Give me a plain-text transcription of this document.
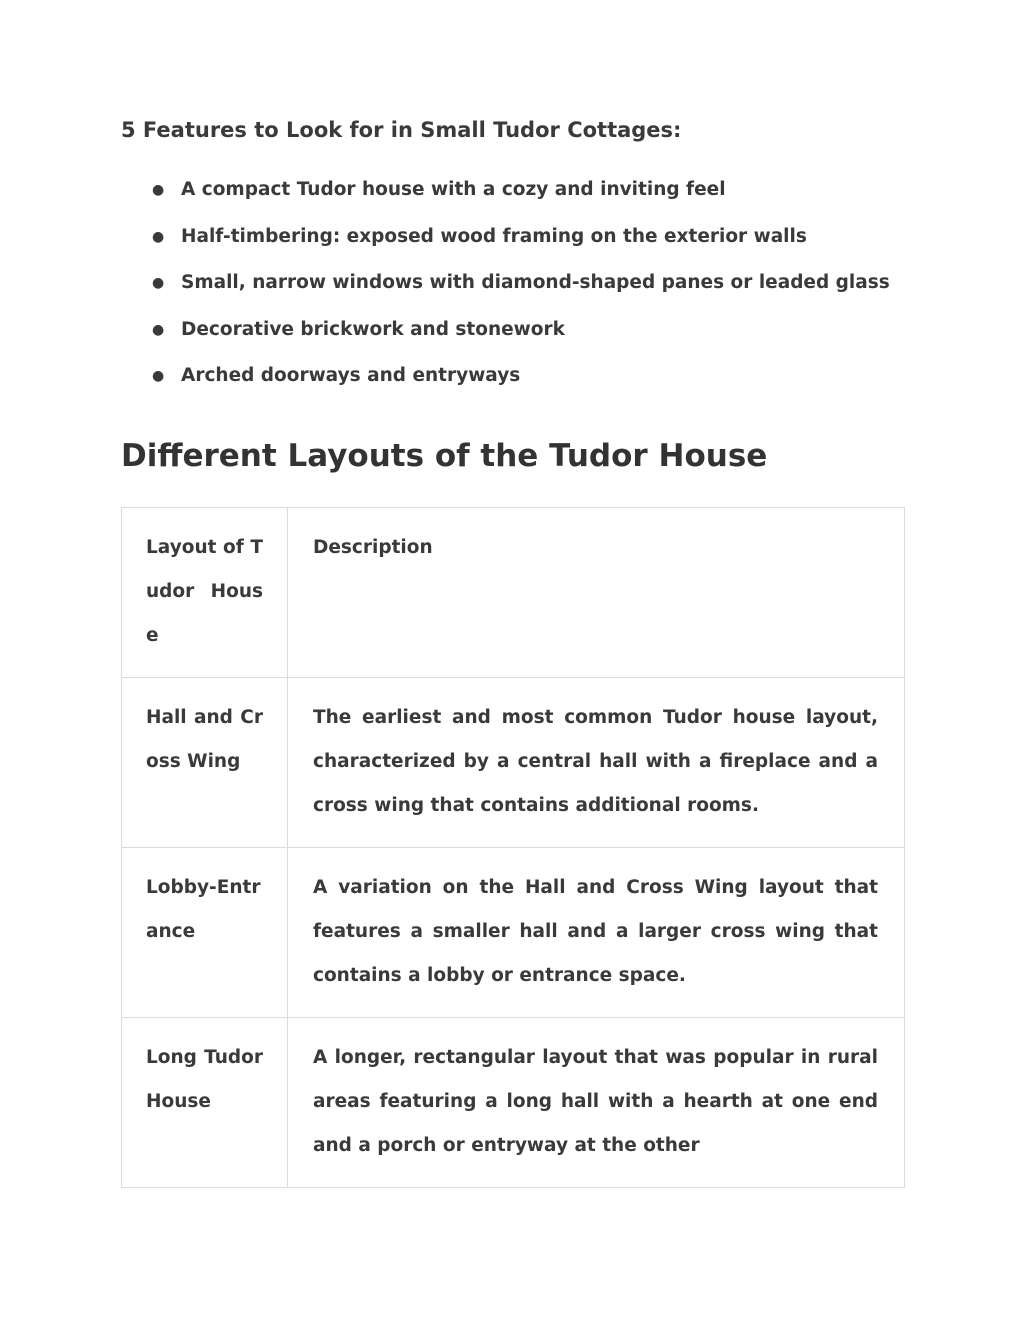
5 Features to Look for in Small Tudor Cottages:
● A compact Tudor house with a cozy and inviting feel
● Half-timbering: exposed wood framing on the exterior walls
● Small, narrow windows with diamond-shaped panes or leaded glass
● Decorative brickwork and stonework
● Arched doorways and entryways
Different Layouts of the Tudor House
Layout of Tudor House	Description
Hall and Cross Wing	The earliest and most common Tudor house layout, characterized by a central hall with a fireplace and a cross wing that contains additional rooms.
Lobby-Entrance	A variation on the Hall and Cross Wing layout that features a smaller hall and a larger cross wing that contains a lobby or entrance space.
Long Tudor House	A longer, rectangular layout that was popular in rural areas featuring a long hall with a hearth at one end and a porch or entryway at the other
